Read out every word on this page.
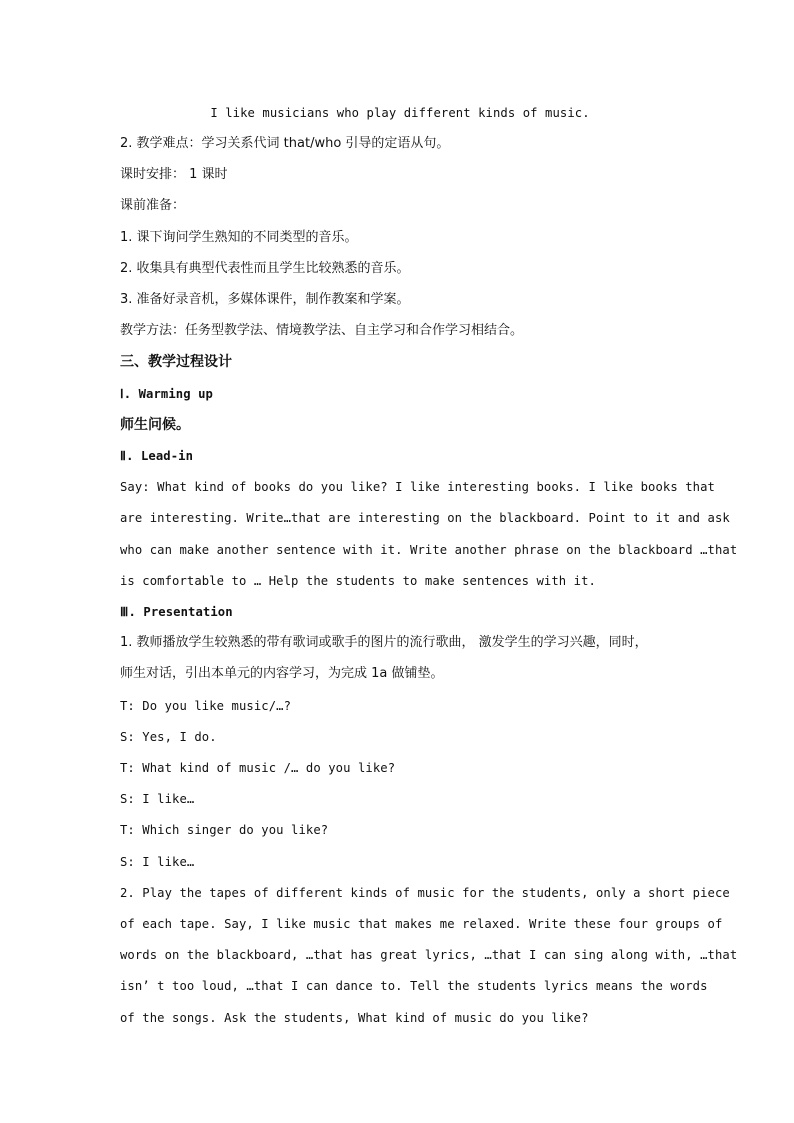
I like musicians who play different kinds of music.
2. 教学难点：学习关系代词 that/who 引导的定语从句。
课时安排： 1 课时
课前准备：
1. 课下询问学生熟知的不同类型的音乐。
2. 收集具有典型代表性而且学生比较熟悉的音乐。
3. 准备好录音机，多媒体课件，制作教案和学案。
教学方法：任务型教学法、情境教学法、自主学习和合作学习相结合。
三、教学过程设计
Ⅰ. Warming up
师生问候。
Ⅱ. Lead-in
Say: What kind of books do you like? I like interesting books. I like books that
are interesting. Write…that are interesting on the blackboard. Point to it and ask
who can make another sentence with it. Write another phrase on the blackboard …that
is comfortable to … Help the students to make sentences with it.
Ⅲ. Presentation
1. 教师播放学生较熟悉的带有歌词或歌手的图片的流行歌曲， 激发学生的学习兴趣，同时，
师生对话，引出本单元的内容学习，为完成 1a 做铺垫。
T: Do you like music/…?
S: Yes, I do.
T: What kind of music /… do you like?
S: I like…
T: Which singer do you like?
S: I like…
2. Play the tapes of different kinds of music for the students, only a short piece
of each tape. Say, I like music that makes me relaxed. Write these four groups of
words on the blackboard, …that has great lyrics, …that I can sing along with, …that
isn’ t too loud, …that I can dance to. Tell the students lyrics means the words
of the songs. Ask the students, What kind of music do you like?
